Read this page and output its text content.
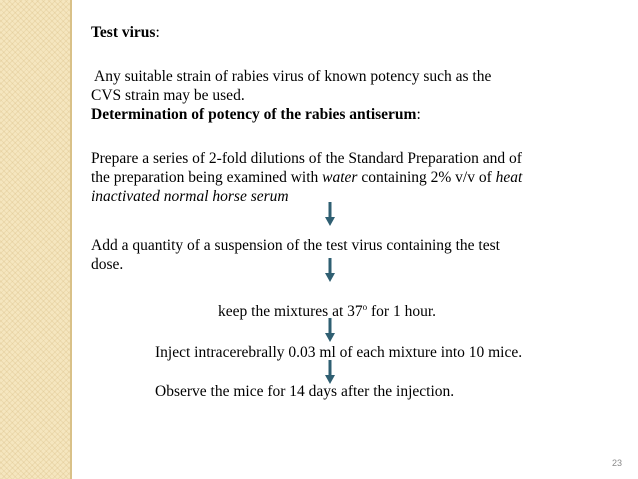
Test virus:
Any suitable strain of rabies virus of known potency such as the
CVS strain may be used.
Determination of potency of the rabies antiserum:
Prepare a series of 2-fold dilutions of the Standard Preparation and of
the preparation being examined with water containing 2% v/v of heat
inactivated normal horse serum
Add a quantity of a suspension of the test virus containing the test
dose.
keep the mixtures at 37$^o$ for 1 hour.
Inject intracerebrally 0.03 ml of each mixture into 10 mice.
Observe the mice for 14 days after the injection.
23
